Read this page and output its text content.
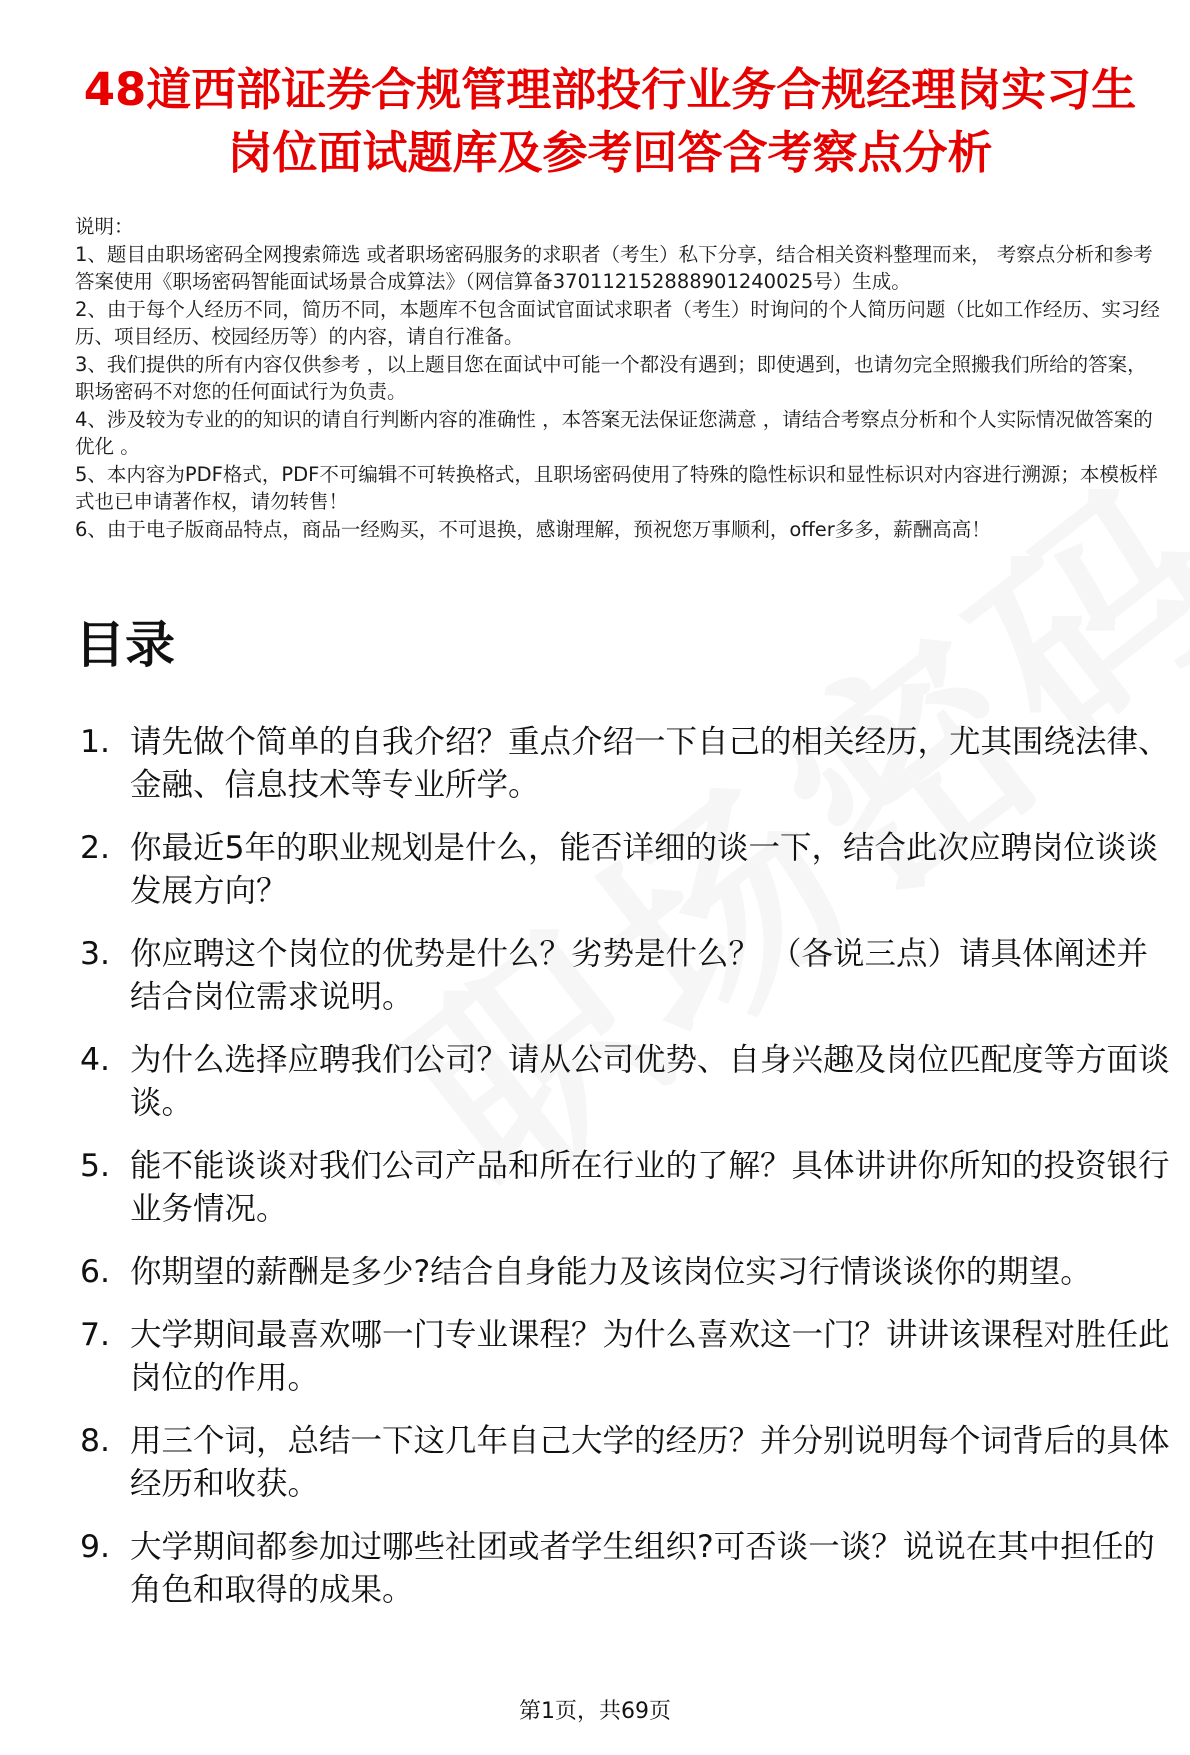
48道西部证券合规管理部投行业务合规经理岗实习生岗位面试题库及参考回答含考察点分析

说明：

1、题目由职场密码全网搜索筛选 或者职场密码服务的求职者（考生）私下分享，结合相关资料整理而来， 考察点分析和参考答案使用《职场密码智能面试场景合成算法》（网信算备370112152888901240025号）生成。

2、由于每个人经历不同，简历不同，本题库不包含面试官面试求职者（考生）时询问的个人简历问题（比如工作经历、实习经历、项目经历、校园经历等）的内容，请自行准备。

3、我们提供的所有内容仅供参考 ，以上题目您在面试中可能一个都没有遇到；即使遇到，也请勿完全照搬我们所给的答案，职场密码不对您的任何面试行为负责。

4、涉及较为专业的的知识的请自行判断内容的准确性 ，本答案无法保证您满意 ，请结合考察点分析和个人实际情况做答案的优化 。

5、本内容为PDF格式，PDF不可编辑不可转换格式，且职场密码使用了特殊的隐性标识和显性标识对内容进行溯源；本模板样式也已申请著作权，请勿转售！

6、由于电子版商品特点，商品一经购买，不可退换，感谢理解，预祝您万事顺利，offer多多，薪酬高高！

目录
1. 请先做个简单的自我介绍？重点介绍一下自己的相关经历，尤其围绕法律、金融、信息技术等专业所学。
2. 你最近5年的职业规划是什么，能否详细的谈一下，结合此次应聘岗位谈谈发展方向？
3. 你应聘这个岗位的优势是什么？劣势是什么？ （各说三点）请具体阐述并结合岗位需求说明。
4. 为什么选择应聘我们公司？请从公司优势、自身兴趣及岗位匹配度等方面谈谈。
5. 能不能谈谈对我们公司产品和所在行业的了解？具体讲讲你所知的投资银行业务情况。
6. 你期望的薪酬是多少?结合自身能力及该岗位实习行情谈谈你的期望。
7. 大学期间最喜欢哪一门专业课程？为什么喜欢这一门？讲讲该课程对胜任此岗位的作用。
8. 用三个词，总结一下这几年自己大学的经历？并分别说明每个词背后的具体经历和收获。
9. 大学期间都参加过哪些社团或者学生组织?可否谈一谈？说说在其中担任的角色和取得的成果。
第1页，共69页
